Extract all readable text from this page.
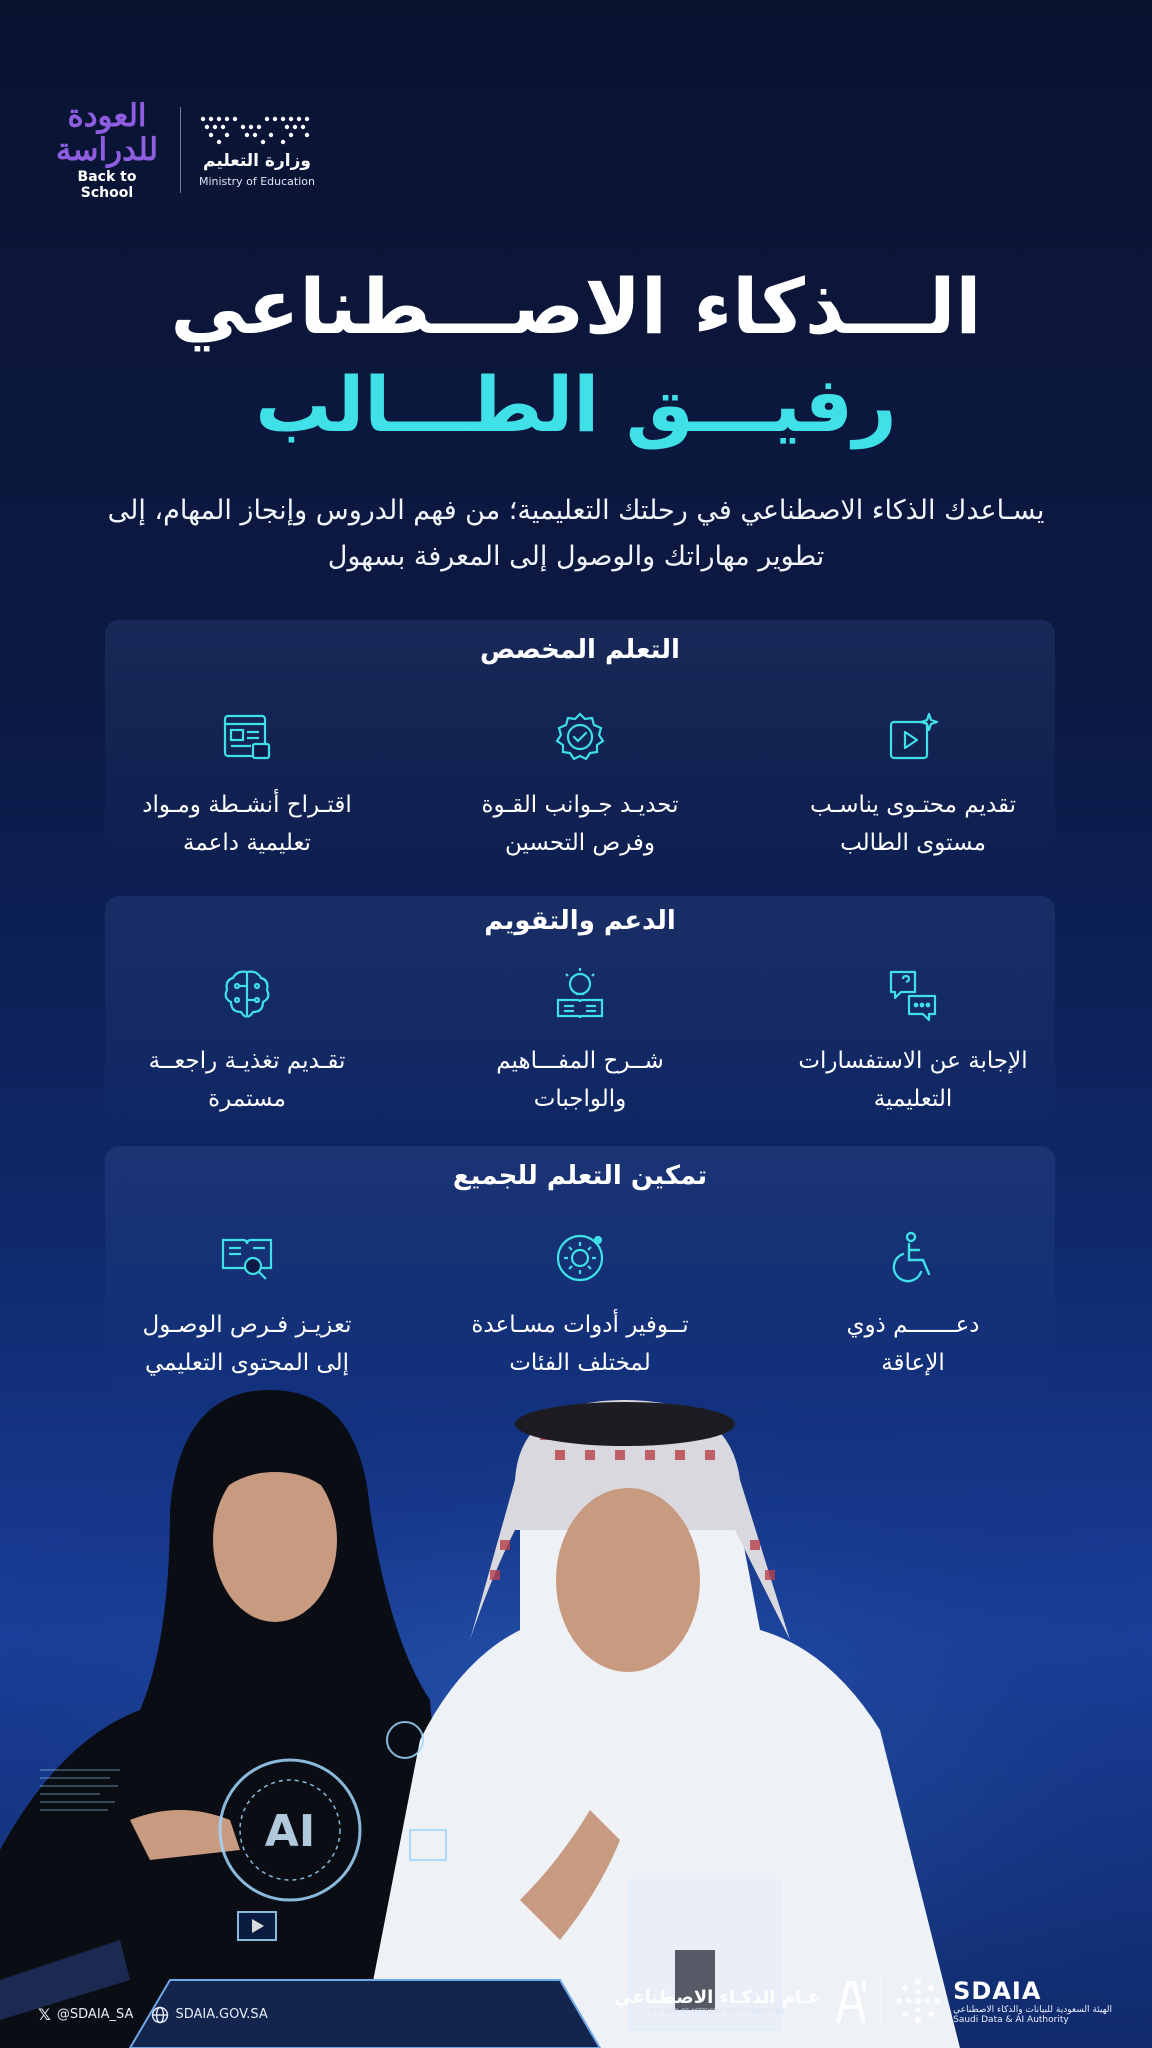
العودة للدراسة
Back to School
وزارة التعليم
Ministry of Education
الـــذكاء الاصـــطناعي
رفيـــق الطـــالب

يسـاعدك الذكاء الاصطناعي في رحلتك التعليمية؛ من فهم الدروس وإنجاز المهام، إلى تطوير مهاراتك والوصول إلى المعرفة بسهول

التعلم المخصص
تقديم محتـوى يناسـب
مستوى الطالب
تحديـد جـوانب القـوة
وفرص التحسين
اقتـراح أنشـطة ومـواد
تعليمية داعمة
الدعم والتقويم
الإجابة عن الاستفسارات
التعليمية
شــرح المفـــاهيم
والواجبات
تقـديم تغذيـة راجعــة
مستمرة
تمكين التعلم للجميع
دعـــــــم ذوي
الإعاقة
تــوفير أدوات مسـاعدة
لمختلف الفئات
تعزيـز فـرص الوصـول
إلى المحتوى التعليمي
AI
𝕏 @SDAIA_SA	SDAIA.GOV.SA
عـام الذكـاء الاصطناعي
THE YEAR OF ARTIFICIAL INTELLIGENCE 2026
SDAIA
الهيئة السعودية للبيانات والذكاء الاصطناعي
Saudi Data & AI Authority
